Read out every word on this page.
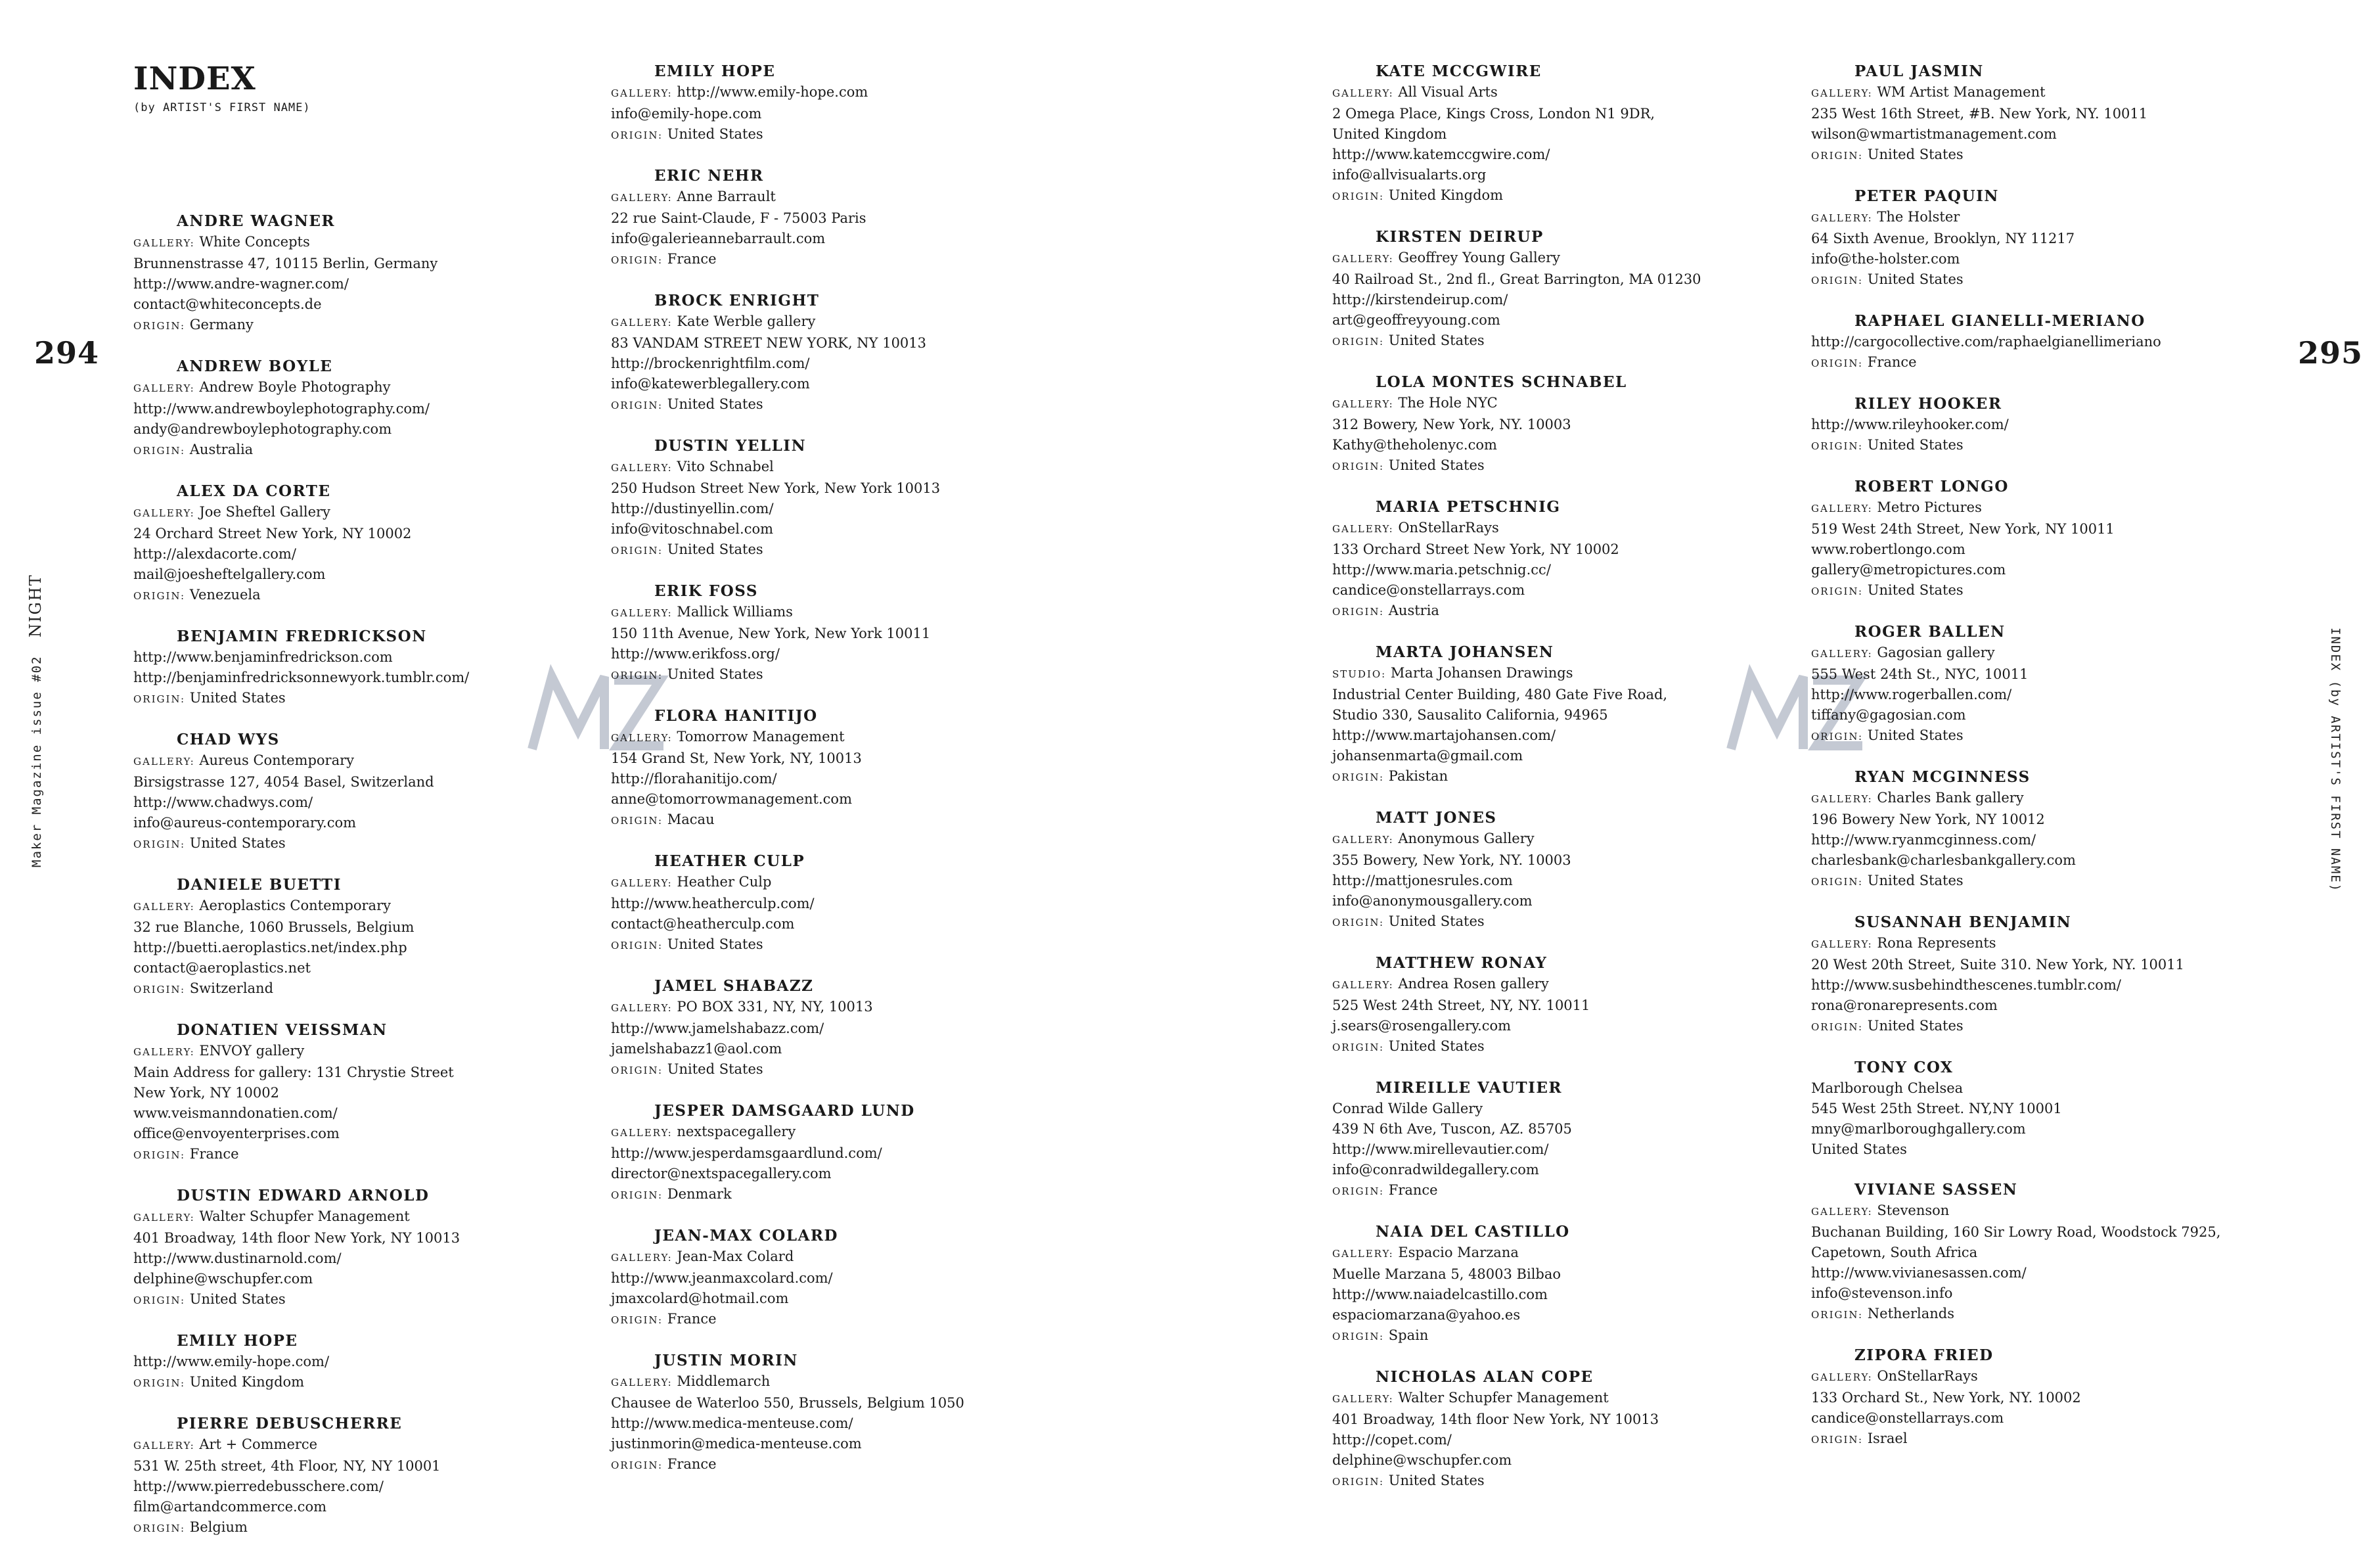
INDEX
(by ARTIST'S FIRST NAME)
294	295
Maker Magazine issue #02 NIGHT
INDEX (by ARTIST'S FIRST NAME)
ANDRE WAGNER
GALLERY: White Concepts
Brunnenstrasse 47, 10115 Berlin, Germany
http://www.andre-wagner.com/
contact@whiteconcepts.de
ORIGIN: Germany
ANDREW BOYLE
GALLERY: Andrew Boyle Photography
http://www.andrewboylephotography.com/
andy@andrewboylephotography.com
ORIGIN: Australia
ALEX DA CORTE
GALLERY: Joe Sheftel Gallery
24 Orchard Street New York, NY 10002
http://alexdacorte.com/
mail@joesheftelgallery.com
ORIGIN: Venezuela
BENJAMIN FREDRICKSON
http://www.benjaminfredrickson.com
http://benjaminfredricksonnewyork.tumblr.com/
ORIGIN: United States
CHAD WYS
GALLERY: Aureus Contemporary
Birsigstrasse 127, 4054 Basel, Switzerland
http://www.chadwys.com/
info@aureus-contemporary.com
ORIGIN: United States
DANIELE BUETTI
GALLERY: Aeroplastics Contemporary
32 rue Blanche, 1060 Brussels, Belgium
http://buetti.aeroplastics.net/index.php
contact@aeroplastics.net
ORIGIN: Switzerland
DONATIEN VEISSMAN
GALLERY: ENVOY gallery
Main Address for gallery: 131 Chrystie Street
New York, NY 10002
www.veismanndonatien.com/
office@envoyenterprises.com
ORIGIN: France
DUSTIN EDWARD ARNOLD
GALLERY: Walter Schupfer Management
401 Broadway, 14th floor New York, NY 10013
http://www.dustinarnold.com/
delphine@wschupfer.com
ORIGIN: United States
EMILY HOPE
http://www.emily-hope.com/
ORIGIN: United Kingdom
PIERRE DEBUSCHERRE
GALLERY: Art + Commerce
531 W. 25th street, 4th Floor, NY, NY 10001
http://www.pierredebusschere.com/
film@artandcommerce.com
ORIGIN: Belgium
EMILY HOPE
GALLERY: http://www.emily-hope.com
info@emily-hope.com
ORIGIN: United States
ERIC NEHR
GALLERY: Anne Barrault
22 rue Saint-Claude, F - 75003 Paris
info@galerieannebarrault.com
ORIGIN: France
BROCK ENRIGHT
GALLERY: Kate Werble gallery
83 VANDAM STREET NEW YORK, NY 10013
http://brockenrightfilm.com/
info@katewerblegallery.com
ORIGIN: United States
DUSTIN YELLIN
GALLERY: Vito Schnabel
250 Hudson Street New York, New York 10013
http://dustinyellin.com/
info@vitoschnabel.com
ORIGIN: United States
ERIK FOSS
GALLERY: Mallick Williams
150 11th Avenue, New York, New York 10011
http://www.erikfoss.org/
ORIGIN: United States
FLORA HANITIJO
GALLERY: Tomorrow Management
154 Grand St, New York, NY, 10013
http://florahanitijo.com/
anne@tomorrowmanagement.com
ORIGIN: Macau
HEATHER CULP
GALLERY: Heather Culp
http://www.heatherculp.com/
contact@heatherculp.com
ORIGIN: United States
JAMEL SHABAZZ
GALLERY: PO BOX 331, NY, NY, 10013
http://www.jamelshabazz.com/
jamelshabazz1@aol.com
ORIGIN: United States
JESPER DAMSGAARD LUND
GALLERY: nextspacegallery
http://www.jesperdamsgaardlund.com/
director@nextspacegallery.com
ORIGIN: Denmark
JEAN-MAX COLARD
GALLERY: Jean-Max Colard
http://www.jeanmaxcolard.com/
jmaxcolard@hotmail.com
ORIGIN: France
JUSTIN MORIN
GALLERY: Middlemarch
Chausee de Waterloo 550, Brussels, Belgium 1050
http://www.medica-menteuse.com/
justinmorin@medica-menteuse.com
ORIGIN: France
KATE MCCGWIRE
GALLERY: All Visual Arts
2 Omega Place, Kings Cross, London N1 9DR,
United Kingdom
http://www.katemccgwire.com/
info@allvisualarts.org
ORIGIN: United Kingdom
KIRSTEN DEIRUP
GALLERY: Geoffrey Young Gallery
40 Railroad St., 2nd fl., Great Barrington, MA 01230
http://kirstendeirup.com/
art@geoffreyyoung.com
ORIGIN: United States
LOLA MONTES SCHNABEL
GALLERY: The Hole NYC
312 Bowery, New York, NY. 10003
Kathy@theholenyc.com
ORIGIN: United States
MARIA PETSCHNIG
GALLERY: OnStellarRays
133 Orchard Street New York, NY 10002
http://www.maria.petschnig.cc/
candice@onstellarrays.com
ORIGIN: Austria
MARTA JOHANSEN
STUDIO: Marta Johansen Drawings
Industrial Center Building, 480 Gate Five Road,
Studio 330, Sausalito California, 94965
http://www.martajohansen.com/
johansenmarta@gmail.com
ORIGIN: Pakistan
MATT JONES
GALLERY: Anonymous Gallery
355 Bowery, New York, NY. 10003
http://mattjonesrules.com
info@anonymousgallery.com
ORIGIN: United States
MATTHEW RONAY
GALLERY: Andrea Rosen gallery
525 West 24th Street, NY, NY. 10011
j.sears@rosengallery.com
ORIGIN: United States
MIREILLE VAUTIER
Conrad Wilde Gallery
439 N 6th Ave, Tuscon, AZ. 85705
http://www.mirellevautier.com/
info@conradwildegallery.com
ORIGIN: France
NAIA DEL CASTILLO
GALLERY: Espacio Marzana
Muelle Marzana 5, 48003 Bilbao
http://www.naiadelcastillo.com
espaciomarzana@yahoo.es
ORIGIN: Spain
NICHOLAS ALAN COPE
GALLERY: Walter Schupfer Management
401 Broadway, 14th floor New York, NY 10013
http://copet.com/
delphine@wschupfer.com
ORIGIN: United States
PAUL JASMIN
GALLERY: WM Artist Management
235 West 16th Street, #B. New York, NY. 10011
wilson@wmartistmanagement.com
ORIGIN: United States
PETER PAQUIN
GALLERY: The Holster
64 Sixth Avenue, Brooklyn, NY 11217
info@the-holster.com
ORIGIN: United States
RAPHAEL GIANELLI-MERIANO
http://cargocollective.com/raphaelgianellimeriano
ORIGIN: France
RILEY HOOKER
http://www.rileyhooker.com/
ORIGIN: United States
ROBERT LONGO
GALLERY: Metro Pictures
519 West 24th Street, New York, NY 10011
www.robertlongo.com
gallery@metropictures.com
ORIGIN: United States
ROGER BALLEN
GALLERY: Gagosian gallery
555 West 24th St., NYC, 10011
http://www.rogerballen.com/
tiffany@gagosian.com
ORIGIN: United States
RYAN MCGINNESS
GALLERY: Charles Bank gallery
196 Bowery New York, NY 10012
http://www.ryanmcginness.com/
charlesbank@charlesbankgallery.com
ORIGIN: United States
SUSANNAH BENJAMIN
GALLERY: Rona Represents
20 West 20th Street, Suite 310. New York, NY. 10011
http://www.susbehindthescenes.tumblr.com/
rona@ronarepresents.com
ORIGIN: United States
TONY COX
Marlborough Chelsea
545 West 25th Street. NY,NY 10001
mny@marlboroughgallery.com
United States
VIVIANE SASSEN
GALLERY: Stevenson
Buchanan Building, 160 Sir Lowry Road, Woodstock 7925,
Capetown, South Africa
http://www.vivianesassen.com/
info@stevenson.info
ORIGIN: Netherlands
ZIPORA FRIED
GALLERY: OnStellarRays
133 Orchard St., New York, NY. 10002
candice@onstellarrays.com
ORIGIN: Israel
